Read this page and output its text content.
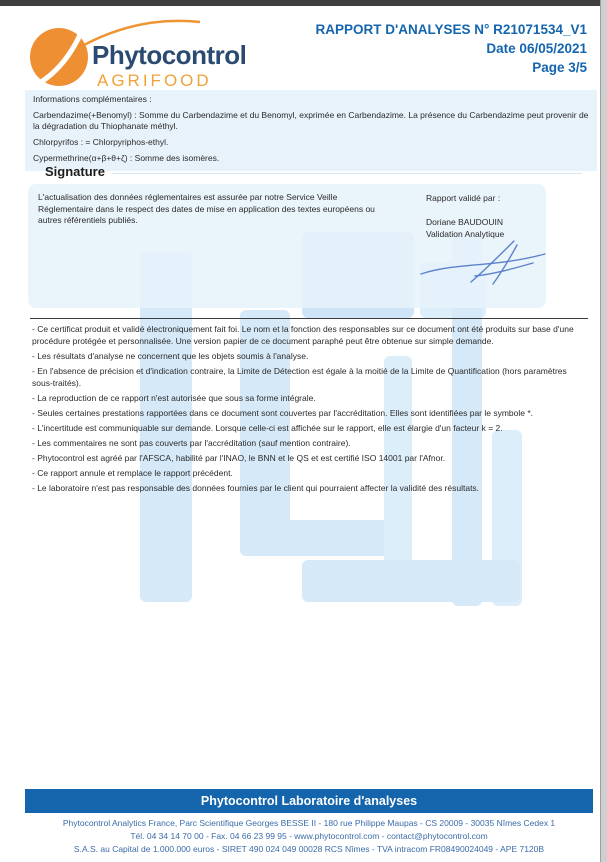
Phytocontrol
AGRIFOOD
RAPPORT D'ANALYSES N° R21071534_V1
Date 06/05/2021
Page 3/5
Informations complémentaires :
Carbendazime(+Benomyl) : Somme du Carbendazime et du Benomyl, exprimée en Carbendazime. La présence du Carbendazime peut provenir de la dégradation du Thiophanate méthyl.
Chlorpyrifos : = Chlorpyriphos-ethyl.
Cypermethrine(α+β+θ+ζ) : Somme des isomères.
Signature
L'actualisation des données réglementaires est assurée par notre Service Veille Réglementaire dans le respect des dates de mise en application des textes européens ou autres référentiels publiés.
Rapport validé par :
Doriane BAUDOUIN
Validation Analytique
- Ce certificat produit et validé électroniquement fait foi. Le nom et la fonction des responsables sur ce document ont été produits sur base d'une procédure protégée et personnalisée. Une version papier de ce document paraphé peut être obtenue sur simple demande.
- Les résultats d'analyse ne concernent que les objets soumis à l'analyse.
- En l'absence de précision et d'indication contraire, la Limite de Détection est égale à la moitié de la Limite de Quantification (hors paramètres sous-traités).
- La reproduction de ce rapport n'est autorisée que sous sa forme intégrale.
- Seules certaines prestations rapportées dans ce document sont couvertes par l'accréditation. Elles sont identifiées par le symbole *.
- L'incertitude est communiquable sur demande. Lorsque celle-ci est affichée sur le rapport, elle est élargie d'un facteur k = 2.
- Les commentaires ne sont pas couverts par l'accréditation (sauf mention contraire).
- Phytocontrol est agréé par l'AFSCA, habilité par l'INAO, le BNN et le QS et est certifié ISO 14001 par l'Afnor.
- Ce rapport annule et remplace le rapport précédent.
- Le laboratoire n'est pas responsable des données fournies par le client qui pourraient affecter la validité des résultats.
Phytocontrol Laboratoire d'analyses
Phytocontrol Analytics France, Parc Scientifique Georges BESSE II - 180 rue Philippe Maupas - CS 20009 - 30035 Nîmes Cedex 1
Tél. 04 34 14 70 00 - Fax. 04 66 23 99 95 - www.phytocontrol.com - contact@phytocontrol.com
S.A.S. au Capital de 1.000.000 euros - SIRET 490 024 049 00028 RCS Nîmes - TVA intracom FR08490024049 - APE 7120B
